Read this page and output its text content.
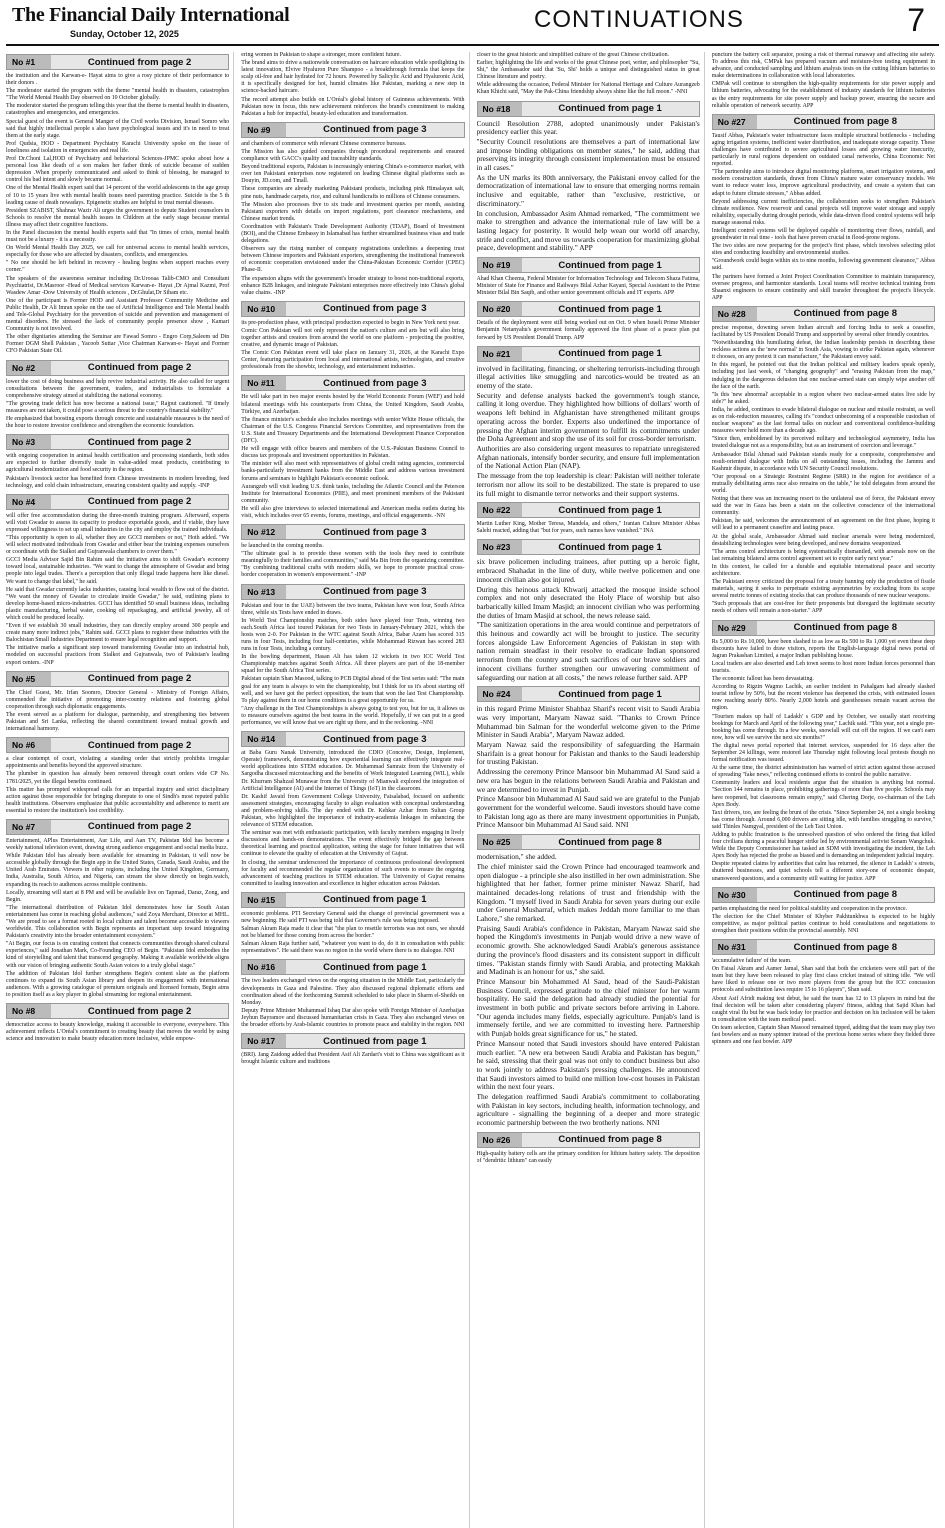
The Financial Daily International
Sunday, October 12, 2025
CONTINUATIONS	7
No #1	Continued from page 2

the institution and the Karwan-e- Hayat aims to give a rosy picture of their performance to their donors .

The moderator started the program with the theme "mental health in disasters, catastrophes "The World Mental Health Day observed on 10 October globally.

The moderator started the program telling this year that the theme is mental health in disasters, catastrophes and emergencies, and emergencies.

Special guest of the event is General Manger of the Civil works Division, Ismael Somro who said that highly intellectual people s also have psychological issues and it's in need to treat them at the early stage.

Prof Qudsia, HOD - Department Psychiatry Karachi University spoke on the issue of loneliness and isolation in emergencies and real life.

Prof Dr.Choni Lal,HOD of Psychiatry and behavioral Sciences-JPMC spoke about how a personal loss like death of a son makes her father think of suicide because of sudden depression .When properly communicated and asked to think of blessing, he managed to control his bad intent and slowly became normal.

One of the Mental Health expert said that 14 percent of the world adolescents in the age group of 10 to 15 years live with mental health issues need parenting practice. Suicide is the 5 th leading cause of death nowadays. Epigenetic studies are helpful to treat mental diseases.

President SZABIST, Shahnaz Wazir Ali urges the government to depute Student counselors in Schools to resolve the mental health issues in Children at the early stage because mental illness may affect their cognitive functions.

In the Panel discussion the mental health experts said that "In times of crisis, mental health must not be a luxury - it is a necessity.

On World Mental Health Day 2025, we call for universal access to mental health services, especially for those who are affected by disasters, conflicts, and emergencies.

" No one should be left behind in recovery - healing begins when support reaches every corner."

The speakers of the awareness seminar including Dr.Urooaa Talib-CMO and Consultant Psychiatrist, Dr.Masroor -Head of Medical services Karwan-e- Hayat ,Dr Ajmal Kazmi, Prof Wasdew Amar -Dow University of Health sciences , Dr.Ghulat,Dr Siham etc.

One of the participant is Former HOD and Assistant Professor Community Medicine and Public Health, Dr Ali Imran spoke on the use of Artificial Intelligence and Tele Mental health and Tele-Global Psychiatry for the prevention of suicide and prevention and management of mental disorders. He stressed the lack of community people presence show , Kamari Community is not involved.

The other dignitaries attending the Seminar are Fawad Somro - Engro Corp,Saleem ud Din Former DGM Shell Pakistan , Yacoob Suttar ,Vice Chairman Karwan-e- Hayat and Former CFO Pakistan State Oil.

No #2	Continued from page 2

lower the cost of doing business and help revive industrial activity. He also called for urgent consultations between the government, traders, and industrialists to formulate a comprehensive strategy aimed at stabilizing the national economy.

"The growing trade deficit has now become a national issue," Rajput cautioned. "If timely measures are not taken, it could pose a serious threat to the country's financial stability."

He emphasized that boosting exports through concrete and sustainable measures is the need of the hour to restore investor confidence and strengthen the economic foundation.

No #3	Continued from page 2

with ongoing cooperation in animal health certification and processing standards, both sides are expected to further diversify trade in value-added meat products, contributing to agricultural modernization and food security in the region.

Pakistan's livestock sector has benefited from Chinese investments in modern breeding, feed technology, and cold chain infrastructure, ensuring consistent quality and supply. -INP

No #4	Continued from page 2

will offer free accommodation during the three-month training program. Afterward, experts will visit Gwadar to assess its capacity to produce exportable goods, and if viable, they have expressed willingness to set up small industries in the city and employ the trained individuals.

"This opportunity is open to all, whether they are GCCI members or not," Hoth added. "We will select motivated individuals from Gwadar and either bear the training expenses ourselves or coordinate with the Sialkot and Gujranwala chambers to cover them."

GCCI Media Advisor Sajid Bin Rahim said the initiative aims to shift Gwadar's economy toward local, sustainable industries. "We want to change the atmosphere of Gwadar and bring people into legal trades. There's a perception that only illegal trade happens here like diesel. We want to change that label," he said.

He said that Gwadar currently lacks industries, causing local wealth to flow out of the district. "We want the money of Gwadar to circulate inside Gwadar," he said, outlining plans to develop home-based micro-industries. GCCI has identified 50 small business ideas, including plastic manufacturing, herbal water, cooking oil repackaging, and artificial jewelry, all of which could be produced locally.

"Even if we establish 30 small industries, they can directly employ around 300 people and create many more indirect jobs," Rahim said. GCCI plans to register these industries with the Balochistan Small Industries Department to ensure legal recognition and support.

The initiative marks a significant step toward transforming Gwadar into an industrial hub, modeled on successful practices from Sialkot and Gujranwala, two of Pakistan's leading export centers. -INP

No #5	Continued from page 2

The Chief Guest, Mr. Irfan Soomro, Director General - Ministry of Foreign Affairs, commended the initiative of promoting inter-country relations and fostering global cooperation through such diplomatic engagements.

The event served as a platform for dialogue, partnership, and strengthening ties between Pakistan and Sri Lanka, reflecting the shared commitment toward mutual growth and international harmony.

No #6	Continued from page 2

a clear contempt of court, violating a standing order that strictly prohibits irregular appointments and benefits beyond the approved structure.

The plumber in question has already been removed through court orders vide CP No. 1781/2025, yet the illegal benefits continued.

This matter has prompted widespread calls for an impartial inquiry and strict disciplinary action against those responsible for bringing disrepute to one of Sindh's most reputed public health institutions. Observers emphasize that public accountability and adherence to merit are essential to restore the institution's lost credibility.

No #7	Continued from page 2

Entertainment, APlus Entertainment, Aur Life, and Aan TV, Pakistan Idol has become a weekly national television event, drawing strong audience engagement and social media buzz.

While Pakistan Idol has already been available for streaming in Pakistan, it will now be accessible globally through the Begin app in the United States, Canada, Saudi Arabia, and the United Arab Emirates. Viewers in other regions, including the United Kingdom, Germany, India, Australia, South Africa, and Nigeria, can stream the show directly on begin.watch, expanding its reach to audiences across multiple continents.

Locally, streaming will start at 8 PM and will be available live on Tapmad, Daraz, Zong, and Begin.

"The international distribution of Pakistan Idol demonstrates how far South Asian entertainment has come in reaching global audiences," said Zoya Merchant, Director at MHL. "We are proud to see a format rooted in local culture and talent become accessible to viewers worldwide. This collaboration with Begin represents an important step toward integrating Pakistan's creativity into the broader entertainment ecosystem."

"At Begin, our focus is on curating content that connects communities through shared cultural experiences," said Jonathan Mark, Co-Founding CEO of Begin. "Pakistan Idol embodies the kind of storytelling and talent that transcend geography. Making it available worldwide aligns with our vision of bringing authentic South Asian voices to a truly global stage."

The addition of Pakistan Idol further strengthens Begin's content slate as the platform continues to expand its South Asian library and deepen its engagement with international audiences. With a growing catalogue of premium originals and licensed formats, Begin aims to position itself as a key player in global streaming for regional entertainment.

No #8	Continued from page 2

democratize access to beauty knowledge, making it accessible to everyone, everywhere. This achievement reflects L'Oréal's commitment to creating beauty that moves the world by using science and innovation to make beauty education more inclusive, while empow-

ering women in Pakistan to shape a stronger, more confident future.

The brand aims to drive a nationwide conversation on haircare education while spotlighting its latest innovation, Elvive Hyaluron Pure Shampoo - a breakthrough formula that keeps the scalp oil-free and hair hydrated for 72 hours. Powered by Salicylic Acid and Hyaluronic Acid, it is specifically designed for hot, humid climates like Pakistan, marking a new step in science-backed haircare.

The record attempt also builds on L'Oréal's global history of Guinness achievements. With Pakistan now in focus, this new achievement reinforces the brand's commitment to making Pakistan a hub for impactful, beauty-led education and transformation.

No #9	Continued from page 3

and chambers of commerce with relevant Chinese commerce bureaus.

The Mission has also guided companies through procedural requirements and ensured compliance with GACC's quality and traceability standards.

Beyond traditional exports, Pakistan is increasingly entering China's e-commerce market, with over ten Pakistani enterprises now registered on leading Chinese digital platforms such as Douyin, JD.com, and Tmall.

These companies are already marketing Pakistani products, including pink Himalayan salt, pine nuts, handmade carpets, rice, and cultural handicrafts to millions of Chinese consumers.

The Mission also processes five to six trade and investment queries per month, assisting Pakistani exporters with details on import regulations, port clearance mechanisms, and Chinese market trends.

Coordination with Pakistan's Trade Development Authority (TDAP), Board of Investment (BOI), and the Chinese Embassy in Islamabad has further streamlined business visas and trade delegations.

Observers say the rising number of company registrations underlines a deepening trust between Chinese importers and Pakistani exporters, strengthening the institutional framework of economic cooperation envisioned under the China-Pakistan Economic Corridor (CPEC) Phase-II.

The expansion aligns with the government's broader strategy to boost non-traditional exports, enhance B2B linkages, and integrate Pakistani enterprises more effectively into China's global value chains. -INP

No #10	Continued from page 3

its pre-production phase, with principal production expected to begin in New York next year.

Comic Con Pakistan will not only represent the nation's culture and arts but will also bring together artists and creators from around the world on one platform - projecting the positive, creative, and dynamic image of Pakistan.

The Comic Con Pakistan event will take place on January 31, 2026, at the Karachi Expo Center, featuring participation from local and international artists, technologists, and creative professionals from the showbiz, technology, and entertainment industries.

No #11	Continued from page 3

He will take part in two major events hosted by the World Economic Forum (WEF) and hold bilateral meetings with his counterparts from China, the United Kingdom, Saudi Arabia, Türkiye, and Azerbaijan.

The finance minister's schedule also includes meetings with senior White House officials, the Chairman of the U.S. Congress Financial Services Committee, and representatives from the U.S. State and Treasury Departments and the International Development Finance Corporation (DFC).

He will engage with office bearers and members of the U.S.-Pakistan Business Council to discuss tax proposals and investment opportunities in Pakistan.

The minister will also meet with representatives of global credit rating agencies, commercial banks-particularly investment banks from the Middle East and address various investment forums and seminars to highlight Pakistan's economic outlook.

Aurangzeb will visit leading U.S. think tanks, including the Atlantic Council and the Peterson Institute for International Economics (PIIE), and meet prominent members of the Pakistani community.

He will also give interviews to selected international and American media outlets during his visit, which includes over 65 events, forums, meetings, and official engagements. -NN

No #12	Continued from page 3

be launched in the coming months.

"The ultimate goal is to provide these women with the tools they need to contribute meaningfully to their families and communities," said Ma Bin from the organizing committee. "By combining traditional crafts with modern skills, we hope to promote practical cross-border cooperation in women's empowerment." -INP

No #13	Continued from page 3

Pakistan and four in the UAE) between the two teams, Pakistan have won four, South Africa three, while six Tests have ended in draws.

In World Test Championship matches, both sides have played four Tests, winning two each.South Africa last toured Pakistan for two Tests in January-February 2021, which the hosts won 2-0. For Pakistan in the WTC against South Africa, Babar Azam has scored 315 runs in four Tests, including four half-centuries, while Mohammad Rizwan has scored 283 runs in four Tests, including a century.

In the bowling department, Hasan Ali has taken 12 wickets in two ICC World Test Championship matches against South Africa. All three players are part of the 18-member squad for the South Africa Test series.

Pakistan captain Shan Masood, talking to PCB Digital ahead of the Test series said: "The main goal for any team is always to win the championship, but I think for us it's about starting off well, and we have got the perfect opposition, the team that won the last Test Championship. To play against them in our home conditions is a great opportunity for us.

"Any challenge in the Test Championships is always going to test you, but for us, it allows us to measure ourselves against the best teams in the world. Hopefully, if we can put in a good performance, we will know that we are right up there, and in the reckoning. -NNI

No #14	Continued from page 3

at Baba Guru Nanak University, introduced the CDIO (Conceive, Design, Implement, Operate) framework, demonstrating how experiential learning can effectively integrate real-world applications into STEM education. Dr. Muhammad Samraiz from the University of Sargodha discussed microteaching and the benefits of Work Integrated Learning (WIL), while Dr. Khurram Shahzad Munawar from the University of Mianwali explored the integration of Artificial Intelligence (AI) and the Internet of Things (IoT) in the classroom.

Dr. Kashif Javaid from Government College University, Faisalabad, focused on authentic assessment strategies, encouraging faculty to align evaluation with conceptual understanding and problem-solving skills. The day ended with Dr. Kehkar Azhar from Sultan Group Pakistan, who highlighted the importance of industry-academia linkages in enhancing the relevance of STEM education.

The seminar was met with enthusiastic participation, with faculty members engaging in lively discussions and hands-on demonstrations. The event effectively bridged the gap between theoretical learning and practical application, setting the stage for future initiatives that will continue to elevate the quality of education at the University of Gujrat.

In closing, the seminar underscored the importance of continuous professional development for faculty and recommended the regular organization of such events to ensure the ongoing advancement of teaching practices in STEM education. The University of Gujrat remains committed to leading innovation and excellence in higher education across Pakistan.

No #15	Continued from page 1

economic problems. PTI Secretary General said the change of provincial government was a new beginning. He said PTI was being told that Governor's rule was being imposed.

Salman Akram Raja made it clear that "the plan to resettle terrorists was not ours, we should not be blamed for those coming from across the border."

Salman Akram Raja further said, "whatever you want to do, do it in consultation with public representatives". He said there was no region in the world where there is no dialogue. NNI

No #16	Continued from page 1

The two leaders exchanged views on the ongoing situation in the Middle East, particularly the developments in Gaza and Palestine. They also discussed regional diplomatic efforts and coordination ahead of the forthcoming Summit scheduled to take place in Sharm el-Sheikh on Monday.

Deputy Prime Minister Muhammad Ishaq Dar also spoke with Foreign Minister of Azerbaijan Jeyhun Bayramov and discussed humanitarian crisis in Gaza. They also exchanged views on the broader efforts by Arab-Islamic countries to promote peace and stability in the region. NNI

No #17	Continued from page 1

(BRI). Jang Zaidong added that President Asif Ali Zardari's visit to China was significant as it brought Islamic culture and traditions

closer to the great historic and simplified culture of the great Chinese civilization.

Earlier, highlighting the life and works of the great Chinese poet, writer, and philosopher "Su, Shi," the Ambassador said that 'Su, Shi' holds a unique and distinguished status in great Chinese literature and poetry.

While addressing the occasion, Federal Minister for National Heritage and Culture Aurangzeb Khan Khichi said, "May the Pak-China friendship always shine like the full moon." -NNI

No #18	Continued from page 1

Council Resolution 2788, adopted unanimously under Pakistan's presidency earlier this year.

"Security Council resolutions are themselves a part of international law and impose binding obligations on member states," he said, adding that preserving its integrity through consistent implementation must be ensured in all cases."

As the UN marks its 80th anniversary, the Pakistani envoy called for the democratization of international law to ensure that emerging norms remain inclusive and equitable, rather than "exclusive, restrictive, or discriminatory."

In conclusion, Ambassador Asim Ahmad remarked, "The commitment we make to strengthen and advance the international rule of law will be a lasting legacy for posterity. It would help wean our world off anarchy, strife and conflict, and move us towards cooperation for maximizing global peace, development and stability." APP

No #19	Continued from page 1

Ahad Khan Cheema, Federal Minister for Information Technology and Telecom Shaza Fatima, Minister of State for Finance and Railways Bilal Azhar Kayani, Special Assistant to the Prime Minister Bilal Bin Saqib, and other senior government officials and IT experts. APP

No #20	Continued from page 1

Details of the deployment were still being worked out on Oct. 9 when Israeli Prime Minister Benjamin Netanyahu's government formally approved the first phase of a peace plan put forward by US President Donald Trump. APP

No #21	Continued from page 1

involved in facilitating, financing, or sheltering terrorists-including through illegal activities like smuggling and narcotics-would be treated as an enemy of the state.

Security and defense analysts backed the government's tough stance, calling it long overdue. They highlighted how billions of dollars' worth of weapons left behind in Afghanistan have strengthened militant groups operating across the border. Experts also underlined the importance of pressing the Afghan interim government to fulfill its commitments under the Doha Agreement and stop the use of its soil for cross-border terrorism.

Authorities are also considering urgent measures to repatriate unregistered Afghan nationals, intensify border security, and ensure full implementation of the National Action Plan (NAP).

The message from the top leadership is clear: Pakistan will neither tolerate terrorism nor allow its soil to be destabilized. The state is prepared to use its full might to dismantle terror networks and their support systems.

No #22	Continued from page 1

Martin Luther King, Mother Teresa, Mandela, and others," Iranian Culture Minister Abbas Salehi reacted, adding that "but for years, such names have vanished." INA

No #23	Continued from page 1

six brave policemen including trainees, after putting up a heroic fight, embraced Shahadat in the line of duty, while twelve policemen and one innocent civilian also got injured.

During this heinous attack Khwarij attacked the mosque inside school complex and not only desecrated the Holy Place of worship but also barbarically killed Imam Masjid; an innocent civilian who was performing the duties of Imam Masjid at school, the news release said.

"The sanitization operations in the area would continue and perpetrators of this heinous and cowardly act will be brought to justice. The security forces alongside Law Enforcement Agencies of Pakistan in step with nation remain steadfast in their resolve to eradicate Indian sponsored terrorism from the country and such sacrifices of our brave soldiers and innocent civilians further strengthen our unwavering commitment of safeguarding our nation at all costs," the news release further said. APP

No #24	Continued from page 1

in this regard Prime Minister Shahbaz Sharif's recent visit to Saudi Arabia was very important, Maryam Nawaz said. "Thanks to Crown Prince Muhammad bin Salman for the wonderful welcome given to the Prime Minister in Saudi Arabia", Maryam Nawaz added.

Maryam Nawaz said the responsibility of safeguarding the Harmain Sharifain is a great honour for Pakistan and thanks to the Saudi leadership for trusting Pakistan.

Addressing the ceremony Prince Mansoor bin Muhammad Al Saud said a new era has begun in the relations between Saudi Arabia and Pakistan and we are determined to invest in Punjab.

Prince Mansoor bin Muhammad Al Saud said we are grateful to the Punjab government for the wonderful welcome. Saudi investors should have come to Pakistan long ago as there are many investment opportunities in Punjab, Prince Mansoor bin Muhammad Al Saud said. NNI

No #25	Continued from page 8

modernisation," she added.

The chief minister said the Crown Prince had encouraged teamwork and open dialogue - a principle she also instilled in her own administration. She highlighted that her father, former prime minister Nawaz Sharif, had maintained decades-long relations of trust and friendship with the Kingdom. "I myself lived in Saudi Arabia for seven years during our exile under General Musharraf, which makes Jeddah more familiar to me than Lahore," she remarked.

Praising Saudi Arabia's confidence in Pakistan, Maryam Nawaz said she hoped the Kingdom's investments in Punjab would drive a new wave of economic growth. She acknowledged Saudi Arabia's generous assistance during the province's flood disasters and its consistent support in difficult times. "Pakistan stands firmly with Saudi Arabia, and protecting Makkah and Madinah is an honour for us," she said.

Prince Mansour bin Mohammed Al Saud, head of the Saudi-Pakistan Business Council, expressed gratitude to the chief minister for her warm hospitality. He said the delegation had already studied the potential for investment in both public and private sectors before arriving in Lahore. "Our agenda includes many fields, especially agriculture. Punjab's land is immensely fertile, and we are committed to investing here. Partnership with Punjab holds great significance for us," he stated.

Prince Mansour noted that Saudi investors should have entered Pakistan much earlier. "A new era between Saudi Arabia and Pakistan has begun," he said, stressing that their goal was not only to conduct business but also to work jointly to address Pakistan's pressing challenges. He announced that Saudi investors aimed to build one million low-cost houses in Pakistan within the next four years.

The delegation reaffirmed Saudi Arabia's commitment to collaborating with Pakistan in key sectors, including health, information technology, and agriculture - signalling the beginning of a deeper and more strategic economic partnership between the two brotherly nations. NNI

No #26	Continued from page 8

High-quality battery cells are the primary condition for lithium battery safety. The deposition of "dendritic lithium" can easily

puncture the battery cell separator, posing a risk of thermal runaway and affecting site safety. To address this risk, CMPak has prepared vacuum and moisture-free testing equipment in advance, and conducted sampling and lithium analysis tests on the cutting lithium batteries to make determinations in collaboration with local laboratories.

CMPak will continue to strengthen the high-quality requirements for site power supply and lithium batteries, advocating for the establishment of industry standards for lithium batteries as the entry requirements for site power supply and backup power, ensuring the secure and reliable operation of network security. APP

No #27	Continued from page 8

Tausif Abbas, Pakistan's water infrastructure faces multiple structural bottlenecks - including aging irrigation systems, inefficient water distribution, and inadequate storage capacity. These challenges have contributed to severe agricultural losses and growing water insecurity, particularly in rural regions dependent on outdated canal networks, China Economic Net reported.

"The partnership aims to introduce digital monitoring platforms, smart irrigation systems, and modern construction standards, drawn from China's mature water conservancy models. We want to reduce water loss, improve agricultural productivity, and create a system that can adapt to future climate stresses," Abbas added.

Beyond addressing current inefficiencies, the collaboration seeks to strengthen Pakistan's climate resilience. New reservoir and canal projects will improve water storage and supply reliability, especially during drought periods, while data-driven flood control systems will help manage seasonal risks.

Intelligent control systems will be deployed capable of monitoring river flows, rainfall, and groundwater in real time - tools that have proven crucial in flood-prone regions.

The two sides are now preparing for the project's first phase, which involves selecting pilot sites and conducting feasibility and environmental studies.

"Groundwork could begin within six to nine months, following government clearance," Abbas said.

The partners have formed a Joint Project Coordination Committee to maintain transparency, oversee progress, and harmonize standards. Local teams will receive technical training from Shaanxi engineers to ensure continuity and skill transfer throughout the project's lifecycle. APP

No #28	Continued from page 8

precise response, downing seven Indian aircraft and forcing India to seek a ceasefire, facilitated by US President Donald Trump and supported by several other friendly countries.

"Notwithstanding this humiliating defeat, the Indian leadership persists in describing these reckless actions as the 'new normal' in South Asia, vowing to strike Pakistan again, whenever it chooses, on any pretext it can manufacture," the Pakistani envoy said.

In this regard, he pointed out that the Indian political and military leaders speak openly, including just last week, of "changing geography" and "erasing Pakistan from the map," indulging in the dangerous delusion that one nuclear-armed state can simply wipe another off the face of the earth.

"Is this 'new abnormal' acceptable in a region where two nuclear-armed states live side by side?" he asked.

India, he added, continues to evade bilateral dialogue on nuclear and missile restraint, as well as on risk-reduction measures, calling it's "conduct unbecoming of a responsible custodian of nuclear weapons" as the last formal talks on nuclear and conventional confidence-building measures were held more than a decade ago.

"Since then, emboldened by its perceived military and technological asymmetry, India has treated dialogue not as a responsibility, but as an instrument of coercion and leverage."

Ambassador Bilal Ahmad said Pakistan stands ready for a composite, comprehensive and result-oriented dialogue with India on all outstanding issues, including the Jammu and Kashmir dispute, in accordance with UN Security Council resolutions.

"Our proposal on a Strategic Restraint Regime (SRR) in the region for avoidance of a mutually debilitating arms race also remains on the table," he told delegates from around the world.

Noting that there was an increasing resort to the unilateral use of force, the Pakistani envoy said the war in Gaza has been a stain on the collective conscience of the international community.

Pakistan, he said, welcomes the announcement of an agreement on the first phase, hoping it will lead to a permanent ceasefire and lasting peace.

At the global scale, Ambassador Ahmad said nuclear arsenals were being modernized, destabilizing technologies were being developed, and new domains weaponized.

"The arms control architecture is being systematically dismantled, with arsenals now on the last remaining bilateral arms control agreement set to expire early next year."

In this context, he called for a durable and equitable international peace and security architecture.

The Pakistani envoy criticized the proposal for a treaty banning only the production of fissile materials, saying it seeks to perpetuate existing asymmetries by excluding from its scope several metric tonnes of existing stocks that can produce thousands of new nuclear weapons.

"Such proposals that are cost-free for their proponents but disregard the legitimate security needs of others will remain a non-starter." APP

No #29	Continued from page 8

Rs 5,000 to Rs 10,000, have been slashed to as low as Rs 500 to Rs 1,000 yet even these deep discounts have failed to draw visitors, reports the English-language digital news portal of Jagran Prakashan Limited, a major Indian publishing house.

Local traders are also deserted and Leh town seems to host more Indian forces personnel than tourists.

The economic fallout has been devastating.

According to Rigzin Wagmo Lachik, an earlier incident in Pahalgam had already slashed tourist inflow by 50%, but the recent violence has deepened the crisis, with estimated losses now reaching nearly 80%. Nearly 2,000 hotels and guesthouses remain vacant across the region.

"Tourism makes up half of Ladakh' s GDP and by October, we usually start receiving bookings for March and April of the following year," Lachik said. "This year, not a single pre-booking has come through. In a few weeks, snowfall will cut off the region. If we can't earn now, how will we survive the next six months?"

The digital news portal reported that internet services, suspended for 16 days after the September 24 killings, were restored late Thursday night following local protests though no formal notification was issued.

At the same time, the district administration has warned of strict action against those accused of spreading "fake news," reflecting continued efforts to control the public narrative.

Community leaders and local residents argue that the situation is anything but normal. "Section 144 remains in place, prohibiting gatherings of more than five people. Schools may have reopened, but classrooms remain empty," said Chering Dorje, co-chairman of the Leh Apex Body.

Taxi drivers, too, are feeling the brunt of the crisis. "Since September 24, not a single booking has come through. Around 6,000 drivers are sitting idle, with families struggling to survive," said Thinles Namgyal, president of the Leh Taxi Union.

Adding to public frustration is the unresolved question of who ordered the firing that killed four civilians during a peaceful hunger strike led by environmental activist Sonam Wangchuk. While the Deputy Commissioner has tasked an SDM with investigating the incident, the Leh Apex Body has rejected the probe as biased and is demanding an independent judicial inquiry.

Despite repeated claims by authorities that calm has returned, the silence in Ladakh' s streets, shuttered businesses, and quiet schools tell a different story-one of economic despair, unanswered questions, and a community still waiting for justice. APP

No #30	Continued from page 8

parties emphasizing the need for political stability and cooperation in the province.

The election for the Chief Minister of Khyber Pakhtunkhwa is expected to be highly competitive, as major political parties continue to hold consultations and negotiations to strengthen their positions within the provincial assembly. NNI

No #31	Continued from page 8

'accumulative failure' of the team.

On Faisal Akram and Aamer Jamal, Shan said that both the cricketers were still part of the team but they have been released to play first class cricket instead of sitting idle. "We will have liked to release one or two more players from the group but the ICC concussion protocols and substitution laws require 15 to 16 players", Shan said.

About Asif Afridi making test debut, he said the team has 12 to 13 players in mind but the final decision will be taken after considering players' fitness, adding that Sajid Khan had caught viral flu but he was back today for practice and decision on his inclusion will be taken in consultation with the team medical panel.

On team selection, Captain Shan Masood remained tipped, adding that the team may play two fast bowlers and as many spinner instead of the previous home series where they fielded three spinners and one fast bowler. APP
